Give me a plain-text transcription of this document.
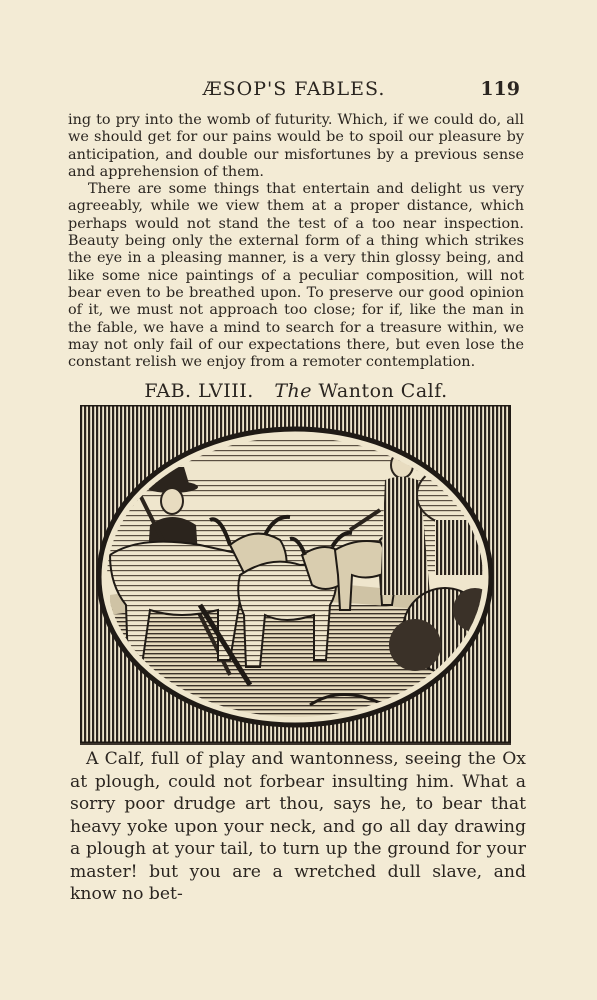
ÆSOP'S FABLES.	119

ing to pry into the womb of futurity. Which, if we could do, all we should get for our pains would be to spoil our pleasure by anticipation, and double our misfortunes by a previous sense and apprehension of them.

There are some things that entertain and delight us very agreeably, while we view them at a proper distance, which perhaps would not stand the test of a too near inspection. Beauty being only the external form of a thing which strikes the eye in a pleasing manner, is a very thin glossy being, and like some nice paintings of a peculiar composition, will not bear even to be breathed upon. To preserve our good opinion of it, we must not approach too close; for if, like the man in the fable, we have a mind to search for a treasure within, we may not only fail of our expectations there, but even lose the constant relish we enjoy from a remoter contemplation.

FAB. LVIII. The Wanton Calf.

A Calf, full of play and wantonness, seeing the Ox at plough, could not forbear insulting him. What a sorry poor drudge art thou, says he, to bear that heavy yoke upon your neck, and go all day drawing a plough at your tail, to turn up the ground for your master! but you are a wretched dull slave, and know no bet-
